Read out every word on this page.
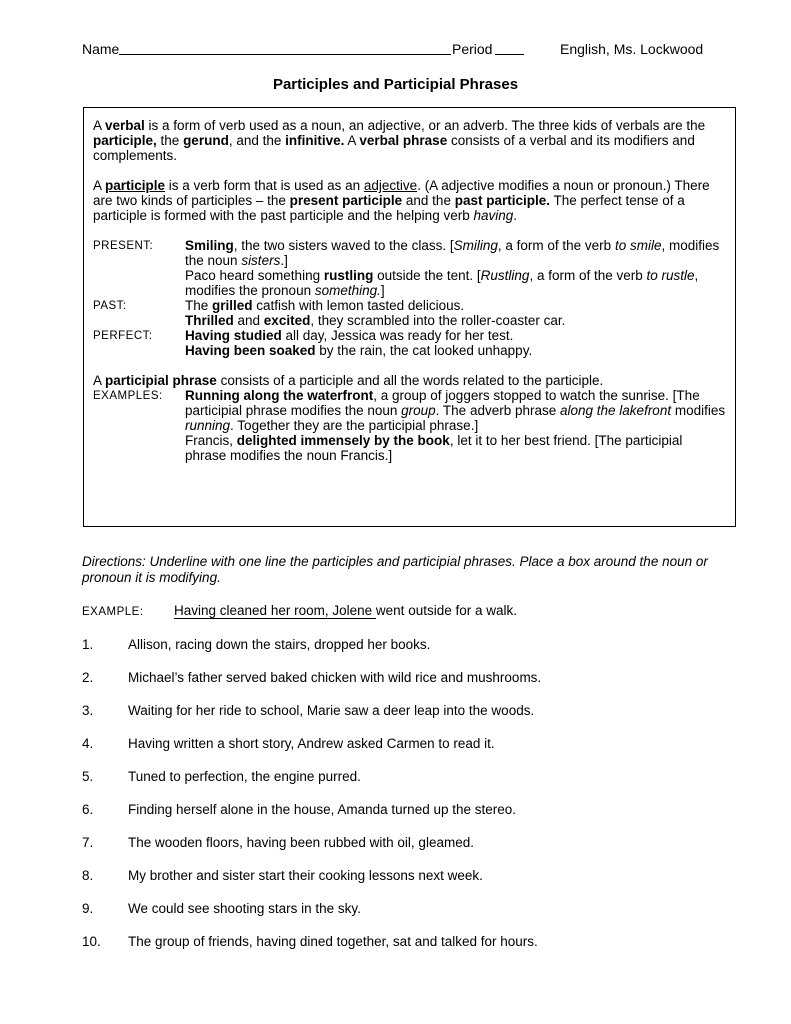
Name	Period	English, Ms. Lockwood
Participles and Participial Phrases

A verbal is a form of verb used as a noun, an adjective, or an adverb. The three kids of verbals are the participle, the gerund, and the infinitive. A verbal phrase consists of a verbal and its modifiers and complements.

A participle is a verb form that is used as an adjective. (A adjective modifies a noun or pronoun.) There are two kinds of participles – the present participle and the past participle. The perfect tense of a participle is formed with the past participle and the helping verb having.

PRESENT: Smiling, the two sisters waved to the class. [Smiling, a form of the verb to smile, modifies the noun sisters.]
Paco heard something rustling outside the tent. [Rustling, a form of the verb to rustle, modifies the pronoun something.]
PAST:	The grilled catfish with lemon tasted delicious.
Thrilled and excited, they scrambled into the roller-coaster car.
PERFECT: Having studied all day, Jessica was ready for her test.
Having been soaked by the rain, the cat looked unhappy.

A participial phrase consists of a participle and all the words related to the participle.

EXAMPLES: Running along the waterfront, a group of joggers stopped to watch the sunrise. [The participial phrase modifies the noun group. The adverb phrase along the lakefront modifies running. Together they are the participial phrase.]
Francis, delighted immensely by the book, let it to her best friend. [The participial phrase modifies the noun Francis.]
Directions: Underline with one line the participles and participial phrases. Place a box around the noun or pronoun it is modifying.
EXAMPLE: Having cleaned her room, Jolene went outside for a walk.
1.	Allison, racing down the stairs, dropped her books.
2.	Michael’s father served baked chicken with wild rice and mushrooms.
3.	Waiting for her ride to school, Marie saw a deer leap into the woods.
4.	Having written a short story, Andrew asked Carmen to read it.
5.	Tuned to perfection, the engine purred.
6.	Finding herself alone in the house, Amanda turned up the stereo.
7.	The wooden floors, having been rubbed with oil, gleamed.
8.	My brother and sister start their cooking lessons next week.
9.	We could see shooting stars in the sky.
10. The group of friends, having dined together, sat and talked for hours.
